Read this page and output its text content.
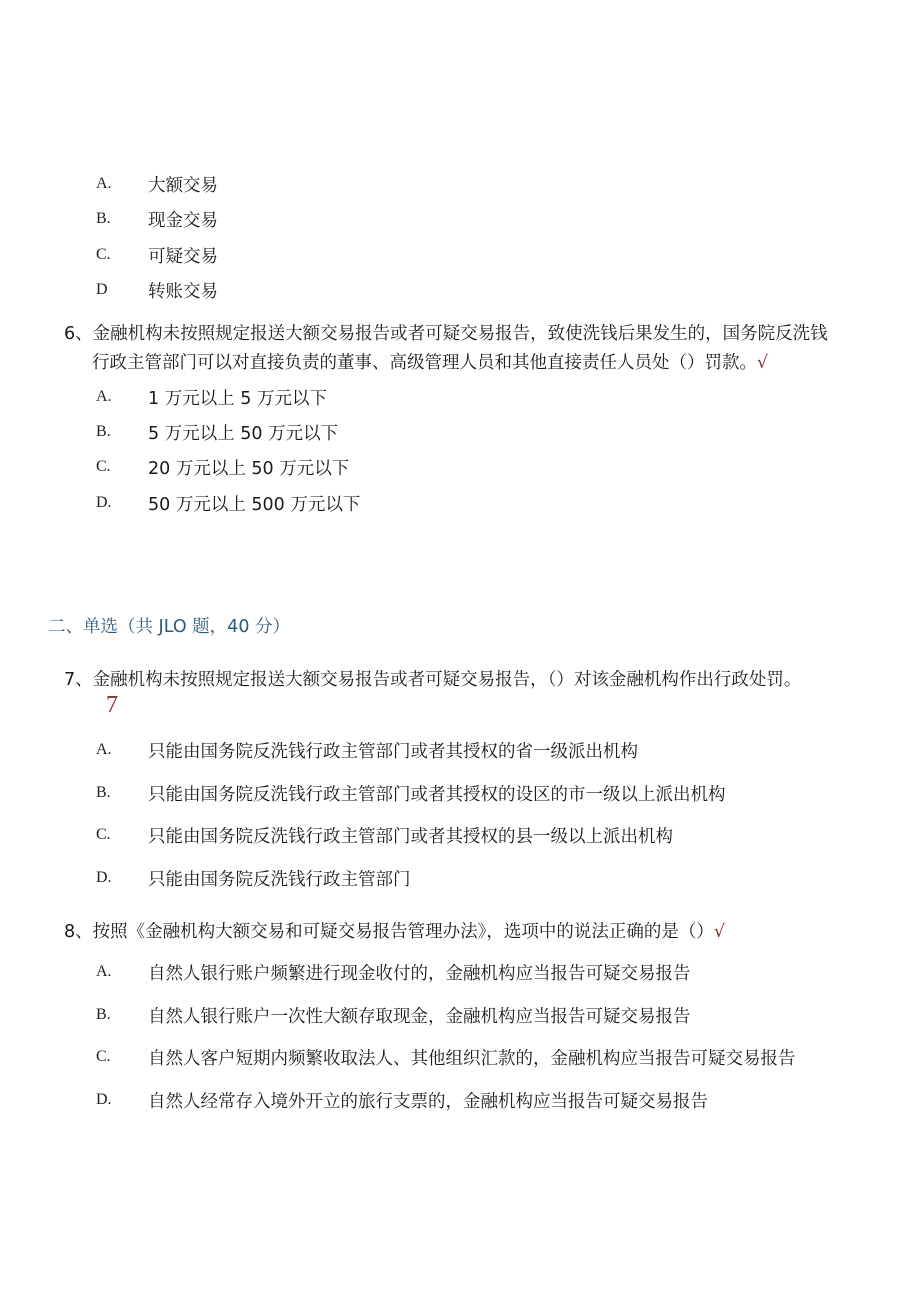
A. 大额交易
B. 现金交易
C. 可疑交易
D 转账交易
6、金融机构未按照规定报送大额交易报告或者可疑交易报告，致使洗钱后果发生的，国务院反洗钱
行政主管部门可以对直接负责的董事、高级管理人员和其他直接责任人员处（）罚款。√
A. 1 万元以上 5 万元以下
B. 5 万元以上 50 万元以下
C. 20 万元以上 50 万元以下
D. 50 万元以上 500 万元以下
二、单选（共 JLO 题，40 分）
7、金融机构未按照规定报送大额交易报告或者可疑交易报告，（）对该金融机构作出行政处罚。
7
A. 只能由国务院反洗钱行政主管部门或者其授权的省一级派出机构
B. 只能由国务院反洗钱行政主管部门或者其授权的设区的市一级以上派出机构
C. 只能由国务院反洗钱行政主管部门或者其授权的县一级以上派出机构
D. 只能由国务院反洗钱行政主管部门
8、按照《金融机构大额交易和可疑交易报告管理办法》，选项中的说法正确的是（）√
A. 自然人银行账户频繁进行现金收付的，金融机构应当报告可疑交易报告
B. 自然人银行账户一次性大额存取现金，金融机构应当报告可疑交易报告
C. 自然人客户短期内频繁收取法人、其他组织汇款的，金融机构应当报告可疑交易报告
D. 自然人经常存入境外开立的旅行支票的，金融机构应当报告可疑交易报告
